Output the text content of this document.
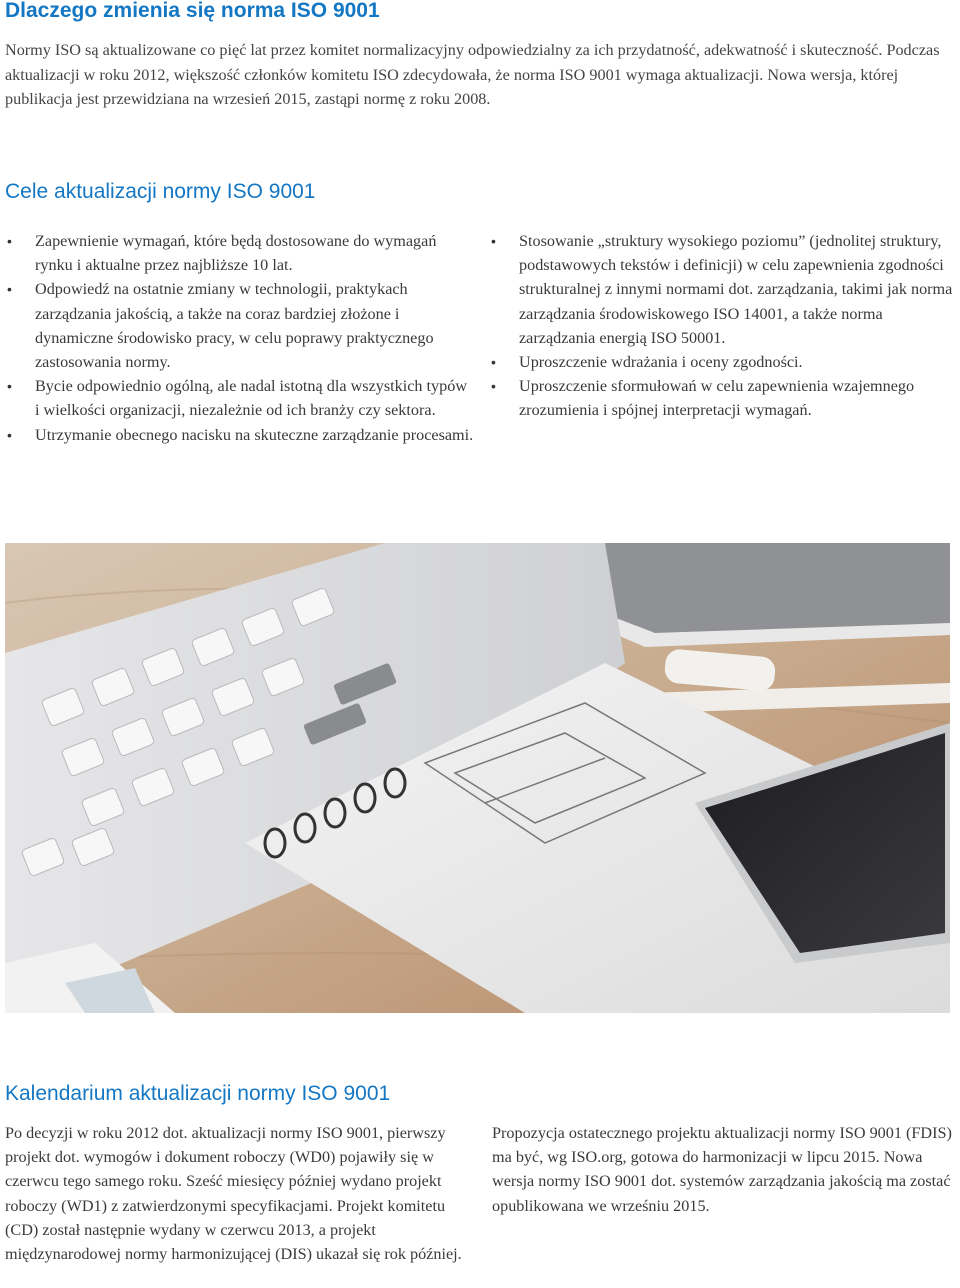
Dlaczego zmienia się norma ISO 9001

Normy ISO są aktualizowane co pięć lat przez komitet normalizacyjny odpowiedzialny za ich przydatność, adekwatność i skuteczność. Podczas aktualizacji w roku 2012, większość członków komitetu ISO zdecydowała, że norma ISO 9001 wymaga aktualizacji. Nowa wersja, której publikacja jest przewidziana na wrzesień 2015, zastąpi normę z roku 2008.

Cele aktualizacji normy ISO 9001
• Zapewnienie wymagań, które będą dostosowane do wymagań rynku i aktualne przez najbliższe 10 lat.
• Odpowiedź na ostatnie zmiany w technologii, praktykach zarządzania jakością, a także na coraz bardziej złożone i dynamiczne środowisko pracy, w celu poprawy praktycznego zastosowania normy.
• Bycie odpowiednio ogólną, ale nadal istotną dla wszystkich typów i wielkości organizacji, niezależnie od ich branży czy sektora.
• Utrzymanie obecnego nacisku na skuteczne zarządzanie procesami.
• Stosowanie „struktury wysokiego poziomu” (jednolitej struktury, podstawowych tekstów i definicji) w celu zapewnienia zgodności strukturalnej z innymi normami dot. zarządzania, takimi jak norma zarządzania środowiskowego ISO 14001, a także norma zarządzania energią ISO 50001.
• Uproszczenie wdrażania i oceny zgodności.
• Uproszczenie sformułowań w celu zapewnienia wzajemnego zrozumienia i spójnej interpretacji wymagań.
Kalendarium aktualizacji normy ISO 9001

Po decyzji w roku 2012 dot. aktualizacji normy ISO 9001, pierwszy projekt dot. wymogów i dokument roboczy (WD0) pojawiły się w czerwcu tego samego roku. Sześć miesięcy później wydano projekt roboczy (WD1) z zatwierdzonymi specyfikacjami. Projekt komitetu (CD) został następnie wydany w czerwcu 2013, a projekt międzynarodowej normy harmonizującej (DIS) ukazał się rok później.

Propozycja ostatecznego projektu aktualizacji normy ISO 9001 (FDIS) ma być, wg ISO.org, gotowa do harmonizacji w lipcu 2015. Nowa wersja normy ISO 9001 dot. systemów zarządzania jakością ma zostać opublikowana we wrześniu 2015.
